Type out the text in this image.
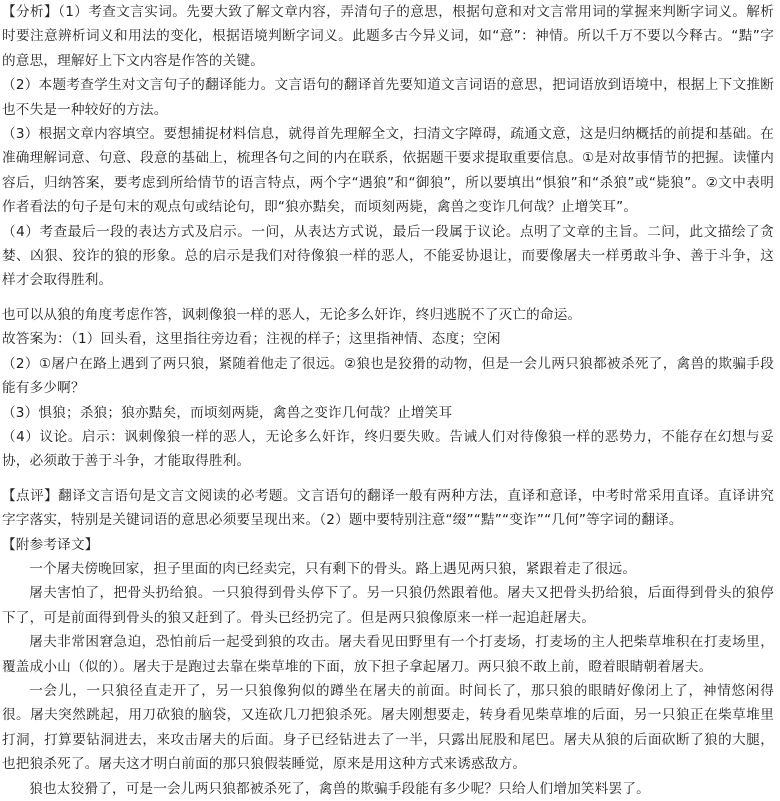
【分析】（1）考查文言实词。先要大致了解文章内容，弄清句子的意思，根据句意和对文言常用词的掌握来判断字词义。解析时要注意辨析词义和用法的变化，根据语境判断字词义。此题多古今异义词，如“意”：神情。所以千万不要以今释古。“黠”字的意思，理解好上下文内容是作答的关键。

（2）本题考查学生对文言句子的翻译能力。文言语句的翻译首先要知道文言词语的意思，把词语放到语境中，根据上下文推断也不失是一种较好的方法。

（3）根据文章内容填空。要想捕捉材料信息，就得首先理解全文，扫清文字障碍，疏通文意，这是归纳概括的前提和基础。在准确理解词意、句意、段意的基础上，梳理各句之间的内在联系，依据题干要求提取重要信息。①是对故事情节的把握。读懂内容后，归纳答案，要考虑到所给情节的语言特点，两个字“遇狼”和“御狼”，所以要填出“惧狼”和“杀狼”或“毙狼”。②文中表明作者看法的句子是句末的观点句或结论句，即“狼亦黠矣，而顷刻两毙，禽兽之变诈几何哉？止增笑耳”。

（4）考查最后一段的表达方式及启示。一问，从表达方式说，最后一段属于议论。点明了文章的主旨。二问，此文描绘了贪婪、凶狠、狡诈的狼的形象。总的启示是我们对待像狼一样的恶人，不能妥协退让，而要像屠夫一样勇敢斗争、善于斗争，这样才会取得胜利。

也可以从狼的角度考虑作答，讽刺像狼一样的恶人，无论多么奸诈，终归逃脱不了灭亡的命运。

故答案为：（1）回头看，这里指往旁边看；注视的样子；这里指神情、态度；空闲

（2）①屠户在路上遇到了两只狼，紧随着他走了很远。②狼也是狡猾的动物，但是一会儿两只狼都被杀死了，禽兽的欺骗手段能有多少啊？

（3）惧狼；杀狼；狼亦黠矣，而顷刻两毙，禽兽之变诈几何哉？止增笑耳

（4）议论。启示：讽刺像狼一样的恶人，无论多么奸诈，终归要失败。告诫人们对待像狼一样的恶势力，不能存在幻想与妥协，必须敢于善于斗争，才能取得胜利。

【点评】翻译文言语句是文言文阅读的必考题。文言语句的翻译一般有两种方法，直译和意译，中考时常采用直译。直译讲究字字落实，特别是关键词语的意思必须要呈现出来。（2）题中要特别注意“缀”“黠”“变诈”“几何”等字词的翻译。

【附参考译文】

一个屠夫傍晚回家，担子里面的肉已经卖完，只有剩下的骨头。路上遇见两只狼，紧跟着走了很远。

屠夫害怕了，把骨头扔给狼。一只狼得到骨头停下了。另一只狼仍然跟着他。屠夫又把骨头扔给狼，后面得到骨头的狼停下了，可是前面得到骨头的狼又赶到了。骨头已经扔完了。但是两只狼像原来一样一起追赶屠夫。

屠夫非常困窘急迫，恐怕前后一起受到狼的攻击。屠夫看见田野里有一个打麦场，打麦场的主人把柴草堆积在打麦场里，覆盖成小山（似的）。屠夫于是跑过去靠在柴草堆的下面，放下担子拿起屠刀。两只狼不敢上前，瞪着眼睛朝着屠夫。

一会儿，一只狼径直走开了，另一只狼像狗似的蹲坐在屠夫的前面。时间长了，那只狼的眼睛好像闭上了，神情悠闲得很。屠夫突然跳起，用刀砍狼的脑袋，又连砍几刀把狼杀死。屠夫刚想要走，转身看见柴草堆的后面，另一只狼正在柴草堆里打洞，打算要钻洞进去，来攻击屠夫的后面。身子已经钻进去了一半，只露出屁股和尾巴。屠夫从狼的后面砍断了狼的大腿，也把狼杀死了。屠夫这才明白前面的那只狼假装睡觉，原来是用这种方式来诱惑敌方。

狼也太狡猾了，可是一会儿两只狼都被杀死了，禽兽的欺骗手段能有多少呢？只给人们增加笑料罢了。
